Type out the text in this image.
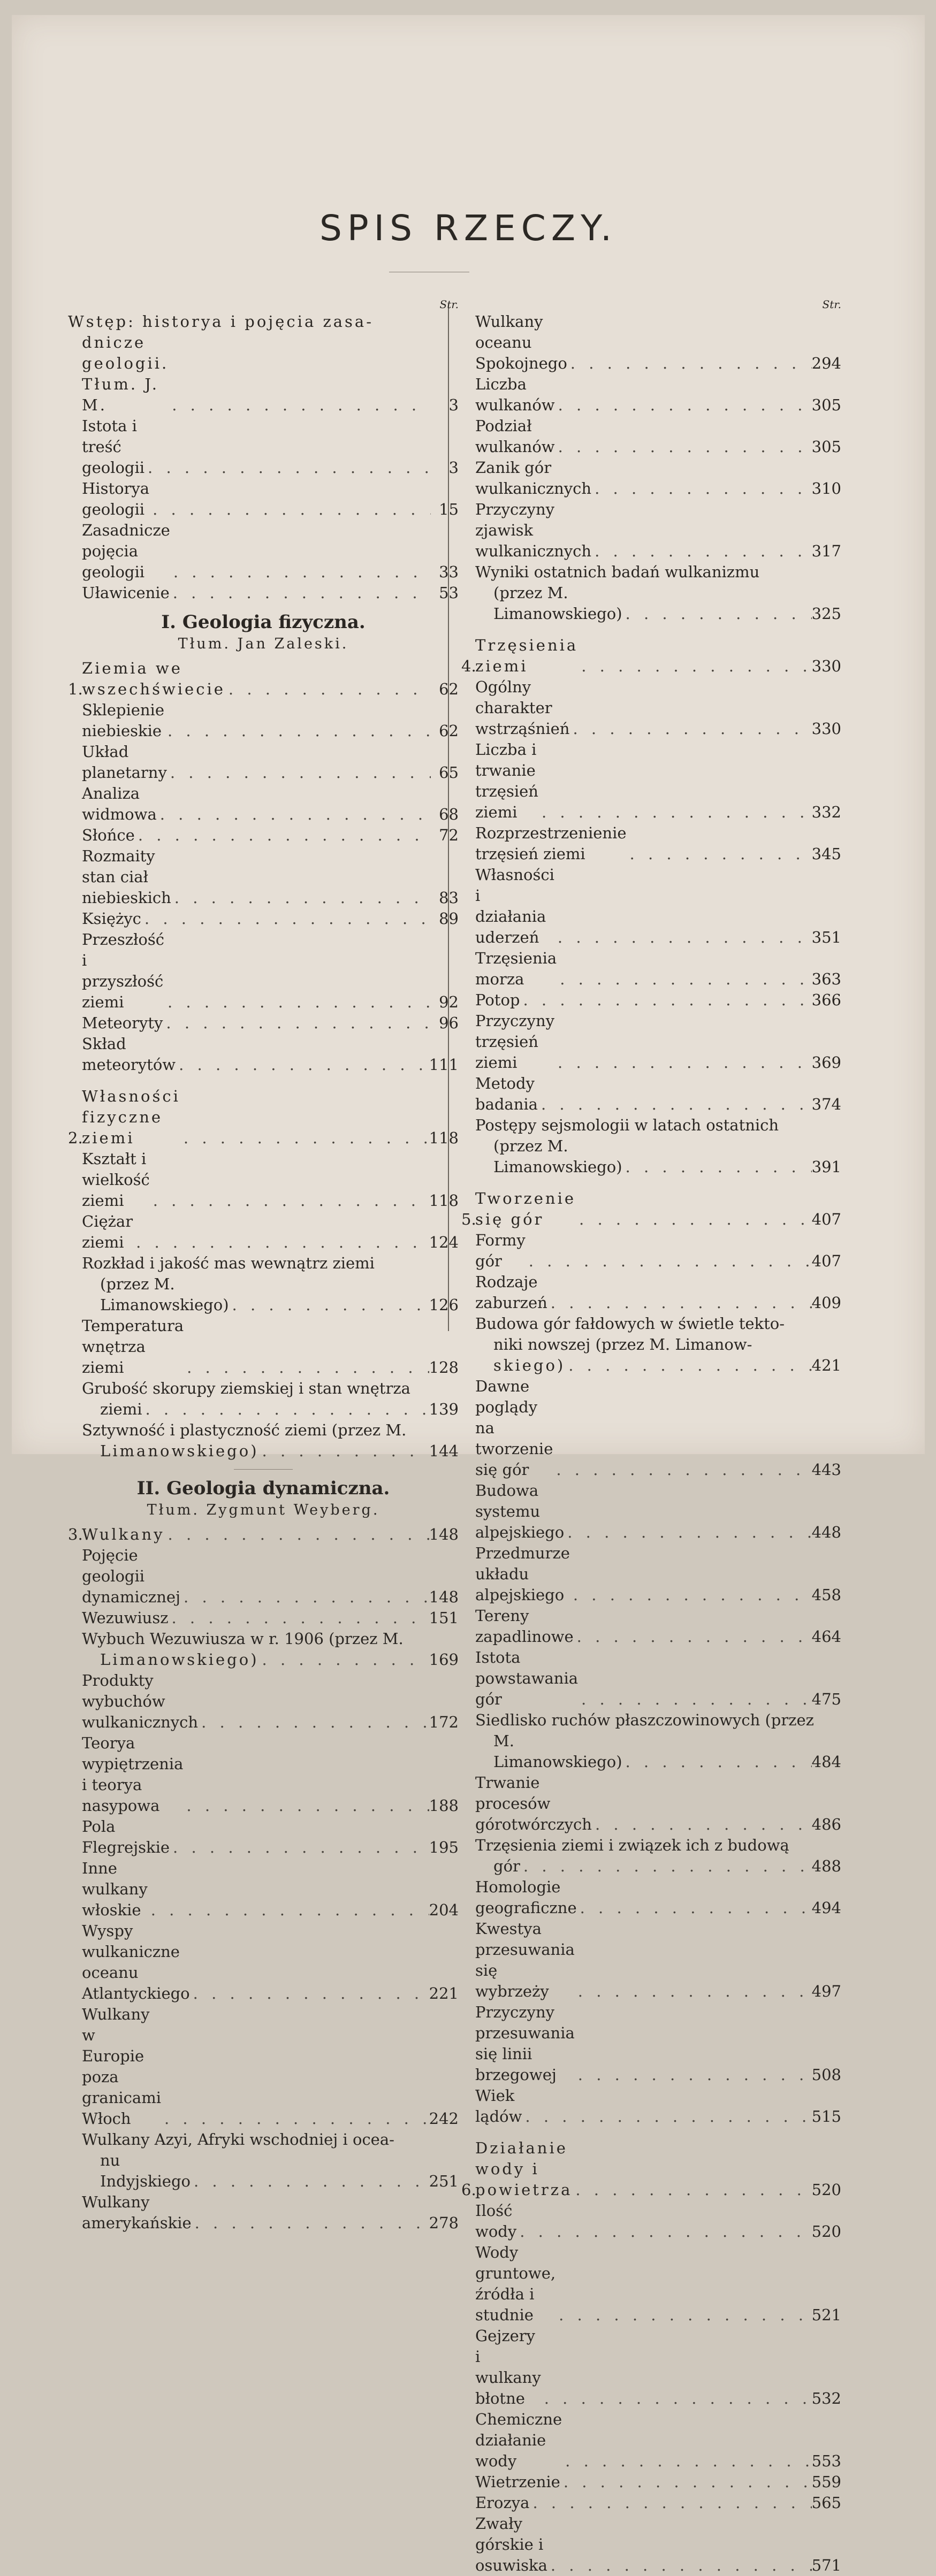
SPIS RZECZY.
Str.
Wstęp: historya i pojęcia zasa-
dnicze geologii. Tłum. J. M. . . .	3
Istota i treść geologii . . .	3
Historya geologii . . .	15
Zasadnicze pojęcia geologii . . .	33
Uławicenie . . .	53
I. Geologia fizyczna.
Tłum. Jan Zaleski.
1.
Ziemia we wszechświecie . . .	62
Sklepienie niebieskie . . .	62
Układ planetarny . . .	65
Analiza widmowa . . .	68
Słońce . . .	72
Rozmaity stan ciał niebieskich . . .	83
Księżyc . . .	89
Przeszłość i przyszłość ziemi . . .	92
Meteoryty . . .	96
Skład meteorytów . . .	111
2.
Własności fizyczne ziemi . . .	118
Kształt i wielkość ziemi . . .	118
Ciężar ziemi . . .	124
Rozkład i jakość mas wewnątrz ziemi
(przez M. Limanowskiego) . . .	126
Temperatura wnętrza ziemi . . .	128
Grubość skorupy ziemskiej i stan wnętrza
ziemi . . .	139
Sztywność i plastyczność ziemi (przez M.
Limanowskiego) . . .	144
II. Geologia dynamiczna.
Tłum. Zygmunt Weyberg.
3.
Wulkany . . .	148
Pojęcie geologii dynamicznej . . .	148
Wezuwiusz . . .	151
Wybuch Wezuwiusza w r. 1906 (przez M.
Limanowskiego) . . .	169
Produkty wybuchów wulkanicznych . . .	172
Teorya wypiętrzenia i teorya nasypowa . . .	188
Pola Flegrejskie . . .	195
Inne wulkany włoskie . . .	204
Wyspy wulkaniczne oceanu Atlantyckiego . . .	221
Wulkany w Europie poza granicami Włoch . . .	242
Wulkany Azyi, Afryki wschodniej i ocea-
nu Indyjskiego . . .	251
Wulkany amerykańskie . . .	278
Str.
Wulkany oceanu Spokojnego . . .	294
Liczba wulkanów . . .	305
Podział wulkanów . . .	305
Zanik gór wulkanicznych . . .	310
Przyczyny zjawisk wulkanicznych . . .	317
Wyniki ostatnich badań wulkanizmu
(przez M. Limanowskiego) . . .	325
4.
Trzęsienia ziemi . . .	330
Ogólny charakter wstrząśnień . . .	330
Liczba i trwanie trzęsień ziemi . . .	332
Rozprzestrzenienie trzęsień ziemi . . .	345
Własności i działania uderzeń . . .	351
Trzęsienia morza . . .	363
Potop . . .	366
Przyczyny trzęsień ziemi . . .	369
Metody badania . . .	374
Postępy sejsmologii w latach ostatnich
(przez M. Limanowskiego) . . .	391
5.
Tworzenie się gór . . .	407
Formy gór . . .	407
Rodzaje zaburzeń . . .	409
Budowa gór fałdowych w świetle tekto-
niki nowszej (przez M. Limanow-
skiego) . . .	421
Dawne poglądy na tworzenie się gór . . .	443
Budowa systemu alpejskiego . . .	448
Przedmurze układu alpejskiego . . .	458
Tereny zapadlinowe . . .	464
Istota powstawania gór . . .	475
Siedlisko ruchów płaszczowinowych (przez
M. Limanowskiego) . . .	484
Trwanie procesów górotwórczych . . .	486
Trzęsienia ziemi i związek ich z budową
gór . . .	488
Homologie geograficzne . . .	494
Kwestya przesuwania się wybrzeży . . .	497
Przyczyny przesuwania się linii brzegowej . . .	508
Wiek lądów . . .	515
6.
Działanie wody i powietrza . . .	520
Ilość wody . . .	520
Wody gruntowe, źródła i studnie . . .	521
Gejzery i wulkany błotne . . .	532
Chemiczne działanie wody . . .	553
Wietrzenie . . .	559
Erozya . . .	565
Zwały górskie i osuwiska . . .	571
